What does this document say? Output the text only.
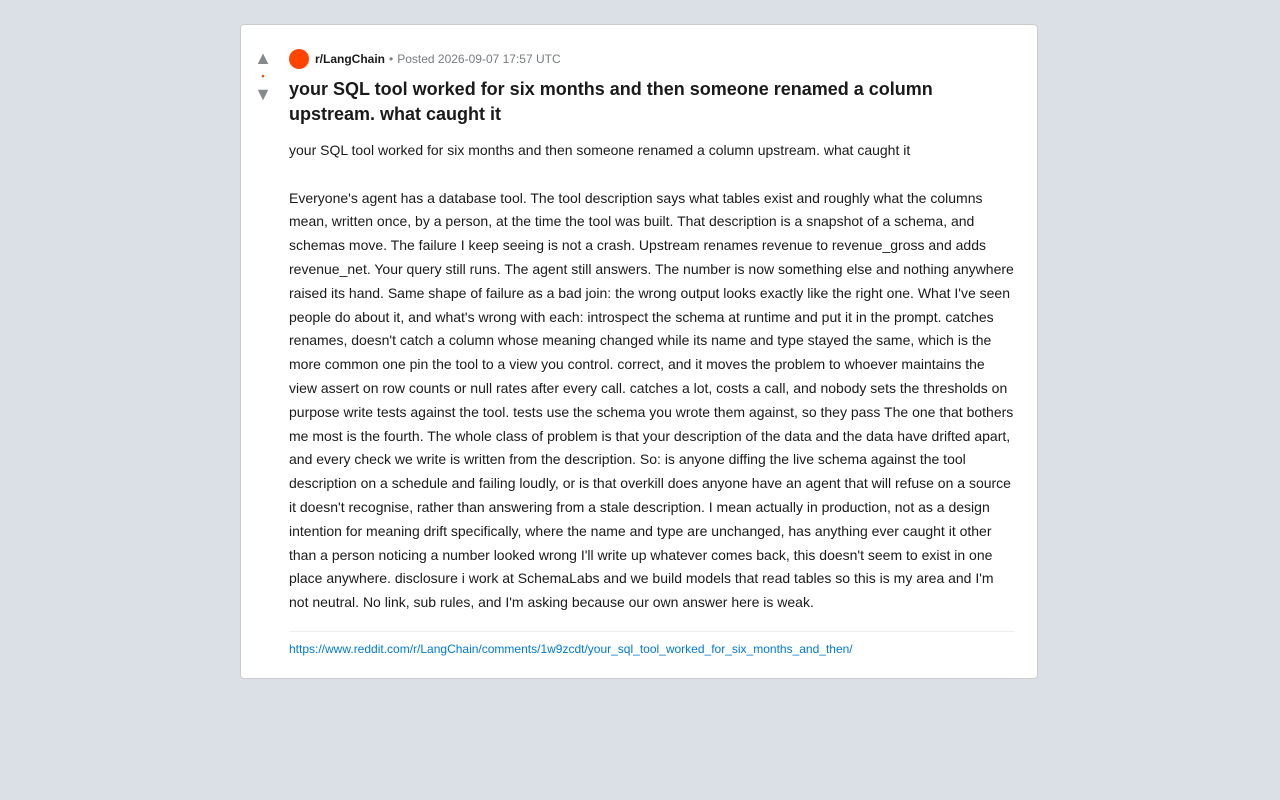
▲
•
▼
r/LangChain • Posted 2026-09-07 17:57 UTC
your SQL tool worked for six months and then someone renamed a column upstream. what caught it

your SQL tool worked for six months and then someone renamed a column upstream. what caught it

Everyone's agent has a database tool. The tool description says what tables exist and roughly what the columns mean, written once, by a person, at the time the tool was built. That description is a snapshot of a schema, and schemas move. The failure I keep seeing is not a crash. Upstream renames revenue to revenue_gross and adds revenue_net. Your query still runs. The agent still answers. The number is now something else and nothing anywhere raised its hand. Same shape of failure as a bad join: the wrong output looks exactly like the right one. What I've seen people do about it, and what's wrong with each: introspect the schema at runtime and put it in the prompt. catches renames, doesn't catch a column whose meaning changed while its name and type stayed the same, which is the more common one pin the tool to a view you control. correct, and it moves the problem to whoever maintains the view assert on row counts or null rates after every call. catches a lot, costs a call, and nobody sets the thresholds on purpose write tests against the tool. tests use the schema you wrote them against, so they pass The one that bothers me most is the fourth. The whole class of problem is that your description of the data and the data have drifted apart, and every check we write is written from the description. So: is anyone diffing the live schema against the tool description on a schedule and failing loudly, or is that overkill does anyone have an agent that will refuse on a source it doesn't recognise, rather than answering from a stale description. I mean actually in production, not as a design intention for meaning drift specifically, where the name and type are unchanged, has anything ever caught it other than a person noticing a number looked wrong I'll write up whatever comes back, this doesn't seem to exist in one place anywhere. disclosure i work at SchemaLabs and we build models that read tables so this is my area and I'm not neutral. No link, sub rules, and I'm asking because our own answer here is weak.

https://www.reddit.com/r/LangChain/comments/1w9zcdt/your_sql_tool_worked_for_six_months_and_then/
